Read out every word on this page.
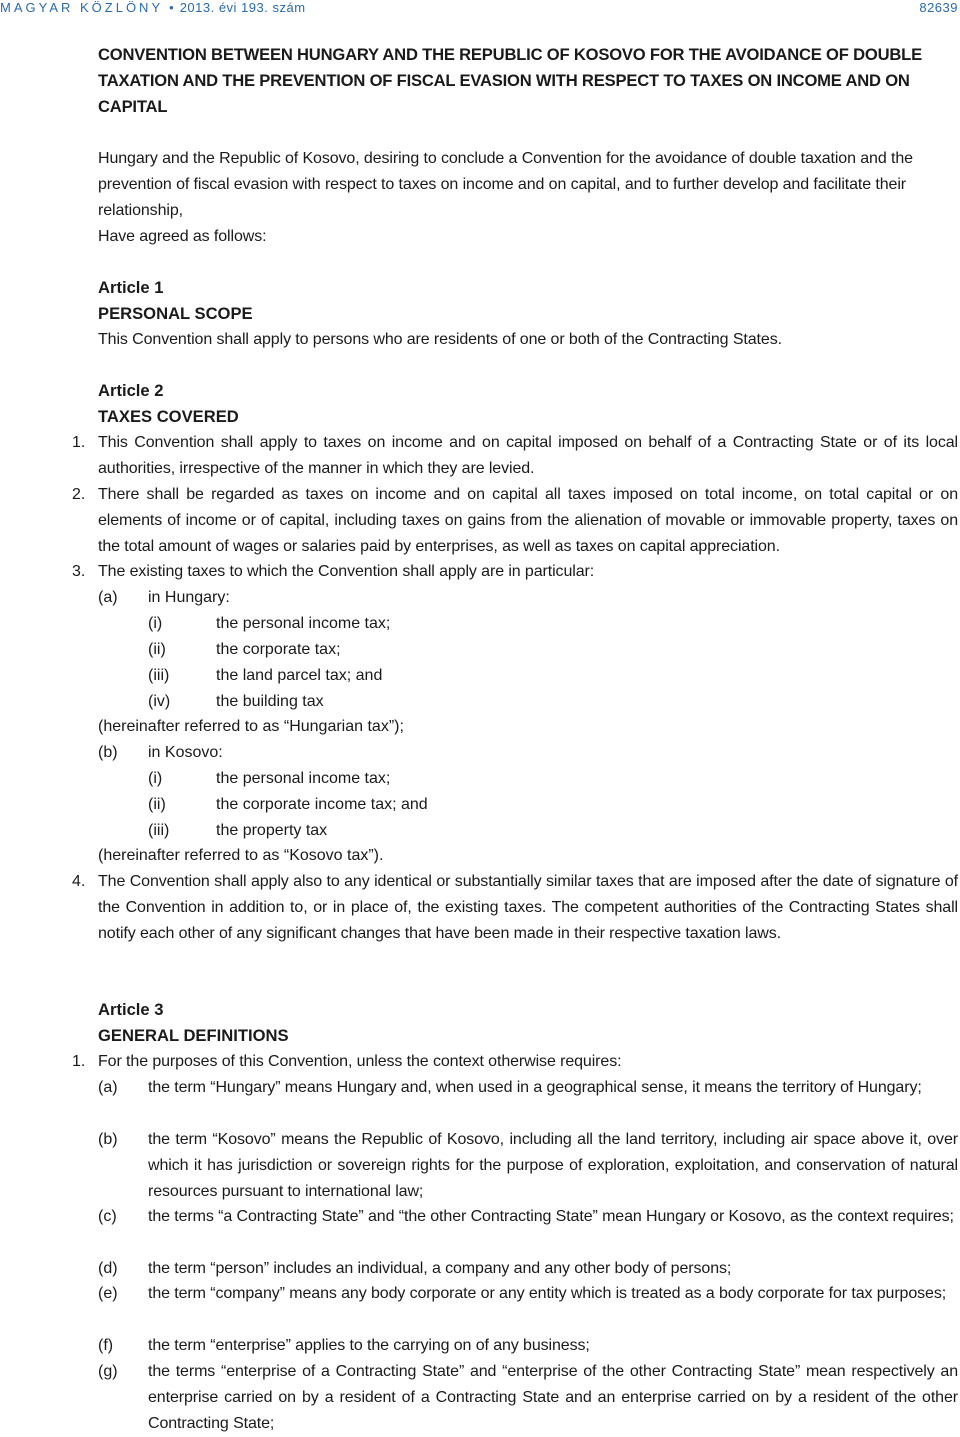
MAGYAR KÖZLÖNY • 2013. évi 193. szám	82639
CONVENTION BETWEEN HUNGARY AND THE REPUBLIC OF KOSOVO FOR THE AVOIDANCE OF DOUBLE TAXATION AND THE PREVENTION OF FISCAL EVASION WITH RESPECT TO TAXES ON INCOME AND ON CAPITAL
Hungary and the Republic of Kosovo, desiring to conclude a Convention for the avoidance of double taxation and the prevention of fiscal evasion with respect to taxes on income and on capital, and to further develop and facilitate their relationship,
Have agreed as follows:
Article 1
PERSONAL SCOPE
This Convention shall apply to persons who are residents of one or both of the Contracting States.
Article 2
TAXES COVERED
1. This Convention shall apply to taxes on income and on capital imposed on behalf of a Contracting State or of its local authorities, irrespective of the manner in which they are levied.
2. There shall be regarded as taxes on income and on capital all taxes imposed on total income, on total capital or on elements of income or of capital, including taxes on gains from the alienation of movable or immovable property, taxes on the total amount of wages or salaries paid by enterprises, as well as taxes on capital appreciation.
3. The existing taxes to which the Convention shall apply are in particular:
(a) in Hungary:
(i)	the personal income tax;
(ii)	the corporate tax;
(iii)	the land parcel tax; and
(iv)	the building tax
(hereinafter referred to as “Hungarian tax”);
(b) in Kosovo:
(i)	the personal income tax;
(ii)	the corporate income tax; and
(iii)	the property tax
(hereinafter referred to as “Kosovo tax”).
4. The Convention shall apply also to any identical or substantially similar taxes that are imposed after the date of signature of the Convention in addition to, or in place of, the existing taxes. The competent authorities of the Contracting States shall notify each other of any significant changes that have been made in their respective taxation laws.
Article 3
GENERAL DEFINITIONS
1. For the purposes of this Convention, unless the context otherwise requires:
(a) the term “Hungary” means Hungary and, when used in a geographical sense, it means the territory of Hungary;
(b) the term “Kosovo” means the Republic of Kosovo, including all the land territory, including air space above it, over which it has jurisdiction or sovereign rights for the purpose of exploration, exploitation, and conservation of natural resources pursuant to international law;
(c) the terms “a Contracting State” and “the other Contracting State” mean Hungary or Kosovo, as the context requires;
(d) the term “person” includes an individual, a company and any other body of persons;
(e) the term “company” means any body corporate or any entity which is treated as a body corporate for tax purposes;
(f) the term “enterprise” applies to the carrying on of any business;
(g) the terms “enterprise of a Contracting State” and “enterprise of the other Contracting State” mean respectively an enterprise carried on by a resident of a Contracting State and an enterprise carried on by a resident of the other Contracting State;
